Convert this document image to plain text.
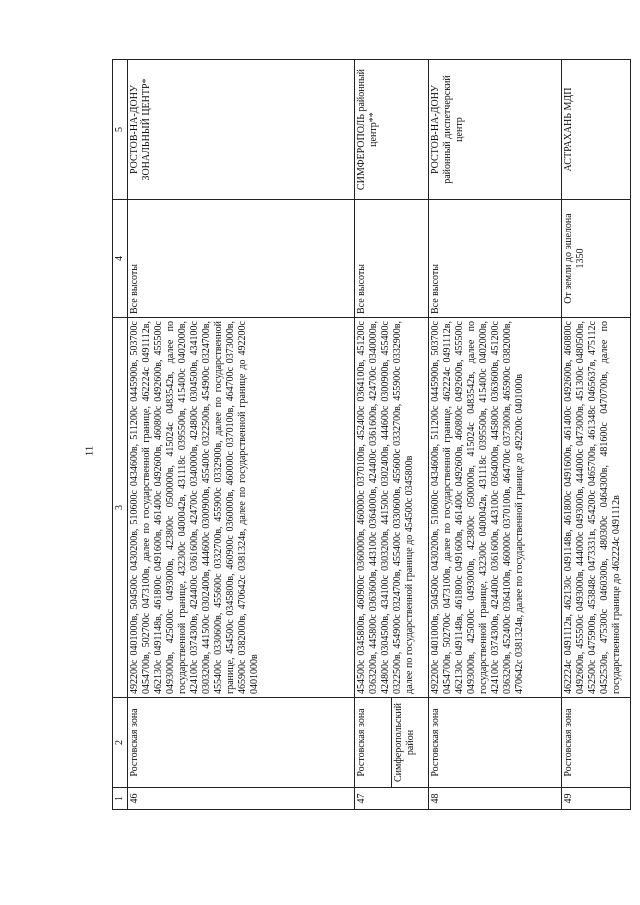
11
1	2	3	4	5
46	Ростовская зона	492200c 0401000в, 504500c 0430200в, 510600c 0434600в, 511200c 0445900в, 503700c 0454700в, 502700c 0473100в, далее по государственной границе, 462224с 0491112в, 462130c 0491148в, 461800c 0491600в, 461400c 0492600в, 460800c 0492600в, 455500c 0493000в, 425000c 0493000в, 423800c 0500000в, 415024c 0483542в, далее по государственной границе, 432300c 0400042в, 431118c 0395500в, 415400c 0402000в, 424100c 0374300в, 424400c 0361600в, 424700c 0340000в, 424800c 0304500в, 434100c 0303200в, 441500c 0302400в, 444600c 0300900в, 455400c 0322500в, 454900c 0324700в, 455400c 0330600в, 455600c 0332700в, 455900c 0332900в, далее по государственной границе, 454500c 0345800в, 460900c 0360000в, 460000c 0370100в, 464700c 0373000в, 465900c 0382000в, 470642c 0381324в, далее по государственной границе до 492200c 0401000в	Все высоты	РОСТОВ-НА-ДОНУ ЗОНАЛЬНЫЙ ЦЕНТР*
47	Ростовская зона	454500c 0345800в, 460900c 0360000в, 460000c 0370100в, 452400c 0364100в, 451200c 0363200в, 445800c 0363600в, 443100c 0364000в, 424400c 0361600в, 424700c 0340000в, 424800c 0304500в, 434100c 0303200в, 441500c 0302400в, 444600c 0300900в, 455400c 0322500в, 454900c 0324700в, 455400c 0330600в, 455600c 0332700в, 455900c 0332900в, далее по государственной границе до 454500c 0345800в	Все высоты	СИМФЕРОПОЛЬ районный центр**
	Симферопольский район			
48	Ростовская зона	492200c 0401000в, 504500c 0430200в, 510600c 0434600в, 511200c 0445900в, 503700c 0454700в, 502700c 0473100в, далее по государственной границе, 462224с 0491112в, 462130c 0491148в, 461800c 0491600в, 461400c 0492600в, 460800c 0492600в, 455500c 0493000в, 425000c 0493000в, 423800c 0500000в, 415024c 0483542в, далее по государственной границе, 432300c 0400042в, 431118c 0395500в, 415400c 0402000в, 424100c 0374300в, 424400c 0361600в, 443100c 0364000в, 445800c 0363600в, 451200c 0363200в, 452400c 0364100в, 460000c 0370100в, 464700c 0373000в, 465900c 0382000в, 470642c 0381324в, далее по государственной границе до 492200c 0401000в	Все высоты	РОСТОВ-НА-ДОНУ районный диспетчерский центр
49	Ростовская зона	462224c 0491112в, 462130c 0491148в, 461800c 0491600в, 461400c 0492600в, 460800c 0492600в, 455500c 0493000в, 444000c 0493000в, 444000c 0473000в, 451300c 0480500в, 452500c 0475900в, 453848c 0473331в, 454200c 0465700в, 461348c 0465637в, 475112c 0452530в, 475300c 0460300в, 480300c 0464300в, 481600c 0470700в, далее по государственной границе до 462224c 0491112в	От земли до эшелона 1350	АСТРАХАНЬ МДП
